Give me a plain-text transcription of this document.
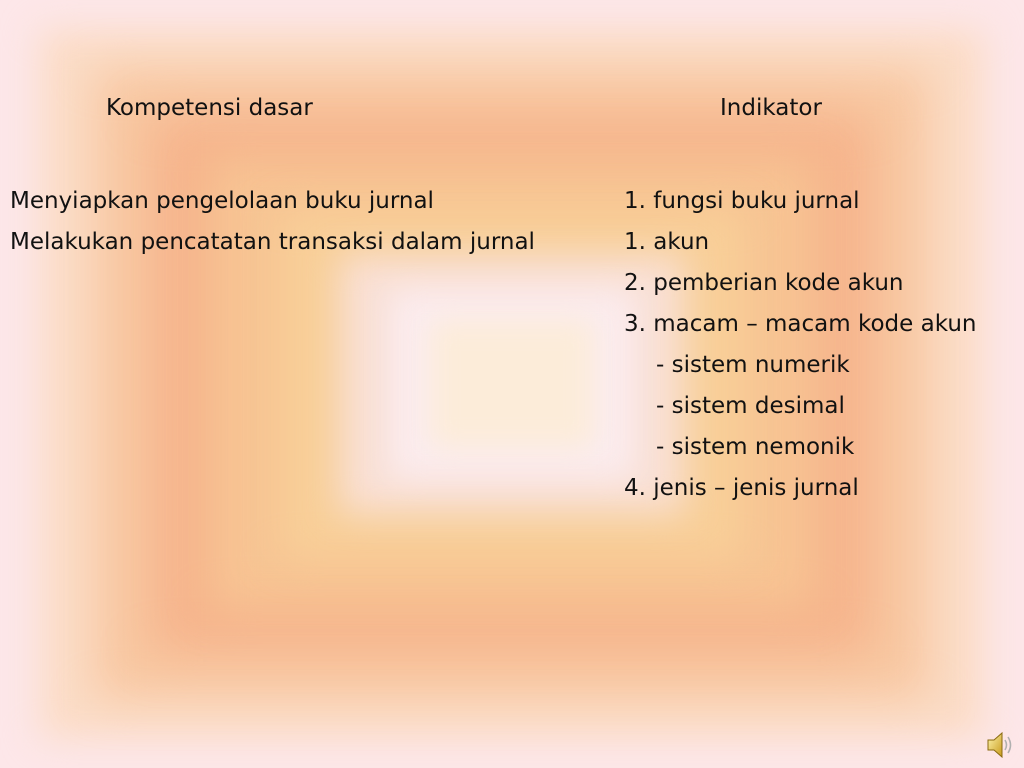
Kompetensi dasar	Indikator
Menyiapkan pengelolaan buku jurnal
Melakukan pencatatan transaksi dalam jurnal
1. fungsi buku jurnal
1. akun
2. pemberian kode akun
3. macam – macam kode akun
- sistem numerik
- sistem desimal
- sistem nemonik
4. jenis – jenis jurnal
